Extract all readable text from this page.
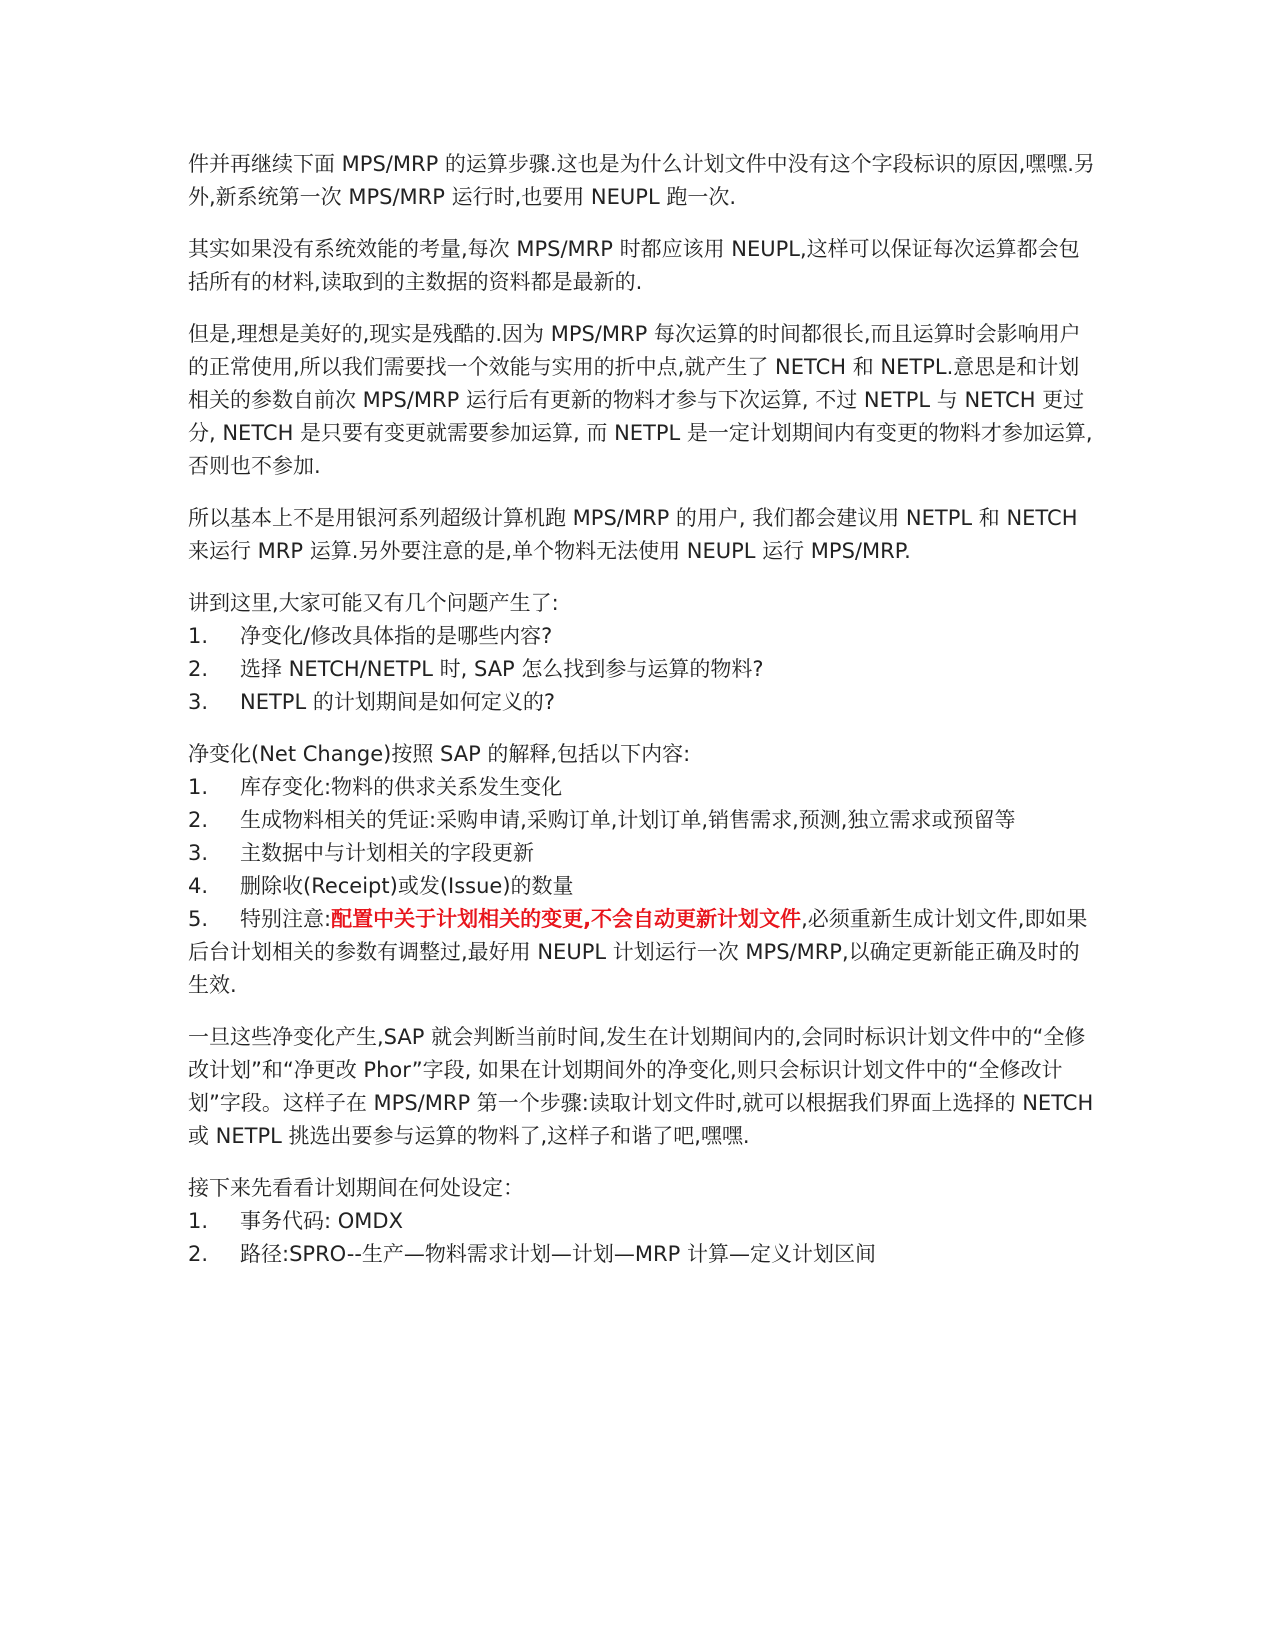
件并再继续下面 MPS/MRP 的运算步骤.这也是为什么计划文件中没有这个字段标识的原因,嘿嘿.另外,新系统第一次 MPS/MRP 运行时,也要用 NEUPL 跑一次.

其实如果没有系统效能的考量,每次 MPS/MRP 时都应该用 NEUPL,这样可以保证每次运算都会包括所有的材料,读取到的主数据的资料都是最新的.

但是,理想是美好的,现实是残酷的.因为 MPS/MRP 每次运算的时间都很长,而且运算时会影响用户的正常使用,所以我们需要找一个效能与实用的折中点,就产生了 NETCH 和 NETPL.意思是和计划相关的参数自前次 MPS/MRP 运行后有更新的物料才参与下次运算, 不过 NETPL 与 NETCH 更过分, NETCH 是只要有变更就需要参加运算, 而 NETPL 是一定计划期间内有变更的物料才参加运算,否则也不参加.

所以基本上不是用银河系列超级计算机跑 MPS/MRP 的用户, 我们都会建议用 NETPL 和 NETCH 来运行 MRP 运算.另外要注意的是,单个物料无法使用 NEUPL 运行 MPS/MRP.

讲到这里,大家可能又有几个问题产生了:

1.	净变化/修改具体指的是哪些内容?
2.	选择 NETCH/NETPL 时, SAP 怎么找到参与运算的物料?
3.	NETPL 的计划期间是如何定义的?

净变化(Net Change)按照 SAP 的解释,包括以下内容:

1.	库存变化:物料的供求关系发生变化
2.	生成物料相关的凭证:采购申请,采购订单,计划订单,销售需求,预测,独立需求或预留等
3.	主数据中与计划相关的字段更新
4.	删除收(Receipt)或发(Issue)的数量
5. 特别注意:配置中关于计划相关的变更,不会自动更新计划文件,必须重新生成计划文件,即如果后台计划相关的参数有调整过,最好用 NEUPL 计划运行一次 MPS/MRP,以确定更新能正确及时的生效.

一旦这些净变化产生,SAP 就会判断当前时间,发生在计划期间内的,会同时标识计划文件中的“全修改计划”和“净更改 Phor”字段, 如果在计划期间外的净变化,则只会标识计划文件中的“全修改计划”字段。这样子在 MPS/MRP 第一个步骤:读取计划文件时,就可以根据我们界面上选择的 NETCH 或 NETPL 挑选出要参与运算的物料了,这样子和谐了吧,嘿嘿.

接下来先看看计划期间在何处设定：

1.	事务代码: OMDX
2.	路径:SPRO--生产—物料需求计划—计划—MRP 计算—定义计划区间
